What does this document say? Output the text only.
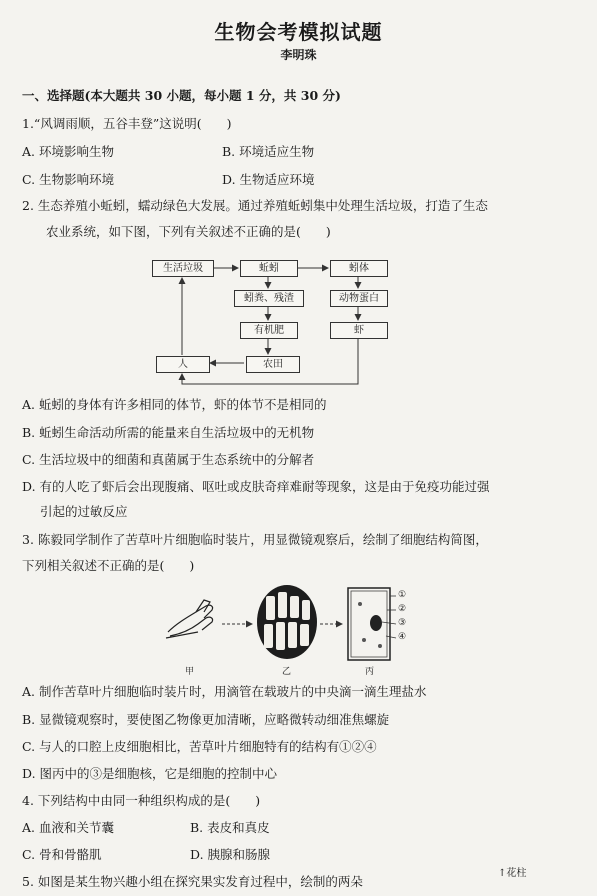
生物会考模拟试题
李明珠
一、选择题(本大题共 30 小题，每小题 1 分，共 30 分)
1.“风调雨顺，五谷丰登”这说明(　　)
A. 环境影响生物	B. 环境适应生物
C. 生物影响环境	D. 生物适应环境
2. 生态养殖小蚯蚓，蠕动绿色大发展。通过养殖蚯蚓集中处理生活垃圾，打造了生态
农业系统，如下图，下列有关叙述不正确的是(　　)
生活垃圾	蚯蚓	蚓体
蚓粪、残渣	动物蛋白
有机肥	虾
人	农田
A. 蚯蚓的身体有许多相同的体节，虾的体节不是相同的
B. 蚯蚓生命活动所需的能量来自生活垃圾中的无机物
C. 生活垃圾中的细菌和真菌属于生态系统中的分解者
D. 有的人吃了虾后会出现腹痛、呕吐或皮肤奇痒难耐等现象，这是由于免疫功能过强
引起的过敏反应
3. 陈毅同学制作了苦草叶片细胞临时装片，用显微镜观察后，绘制了细胞结构简图，
下列相关叙述不正确的是(　　)
①
②
③
④
甲	乙	丙
A. 制作苦草叶片细胞临时装片时，用滴管在载玻片的中央滴一滴生理盐水
B. 显微镜观察时，要使图乙物像更加清晰，应略微转动细准焦螺旋
C. 与人的口腔上皮细胞相比，苦草叶片细胞特有的结构有①②④
D. 图丙中的③是细胞核，它是细胞的控制中心
4. 下列结构中由同一种组织构成的是(　　)
A. 血液和关节囊	B. 表皮和真皮
C. 骨和骨骼肌	D. 胰腺和肠腺
5. 如图是某生物兴趣小组在探究果实发育过程中，绘制的两朵
↑花柱
